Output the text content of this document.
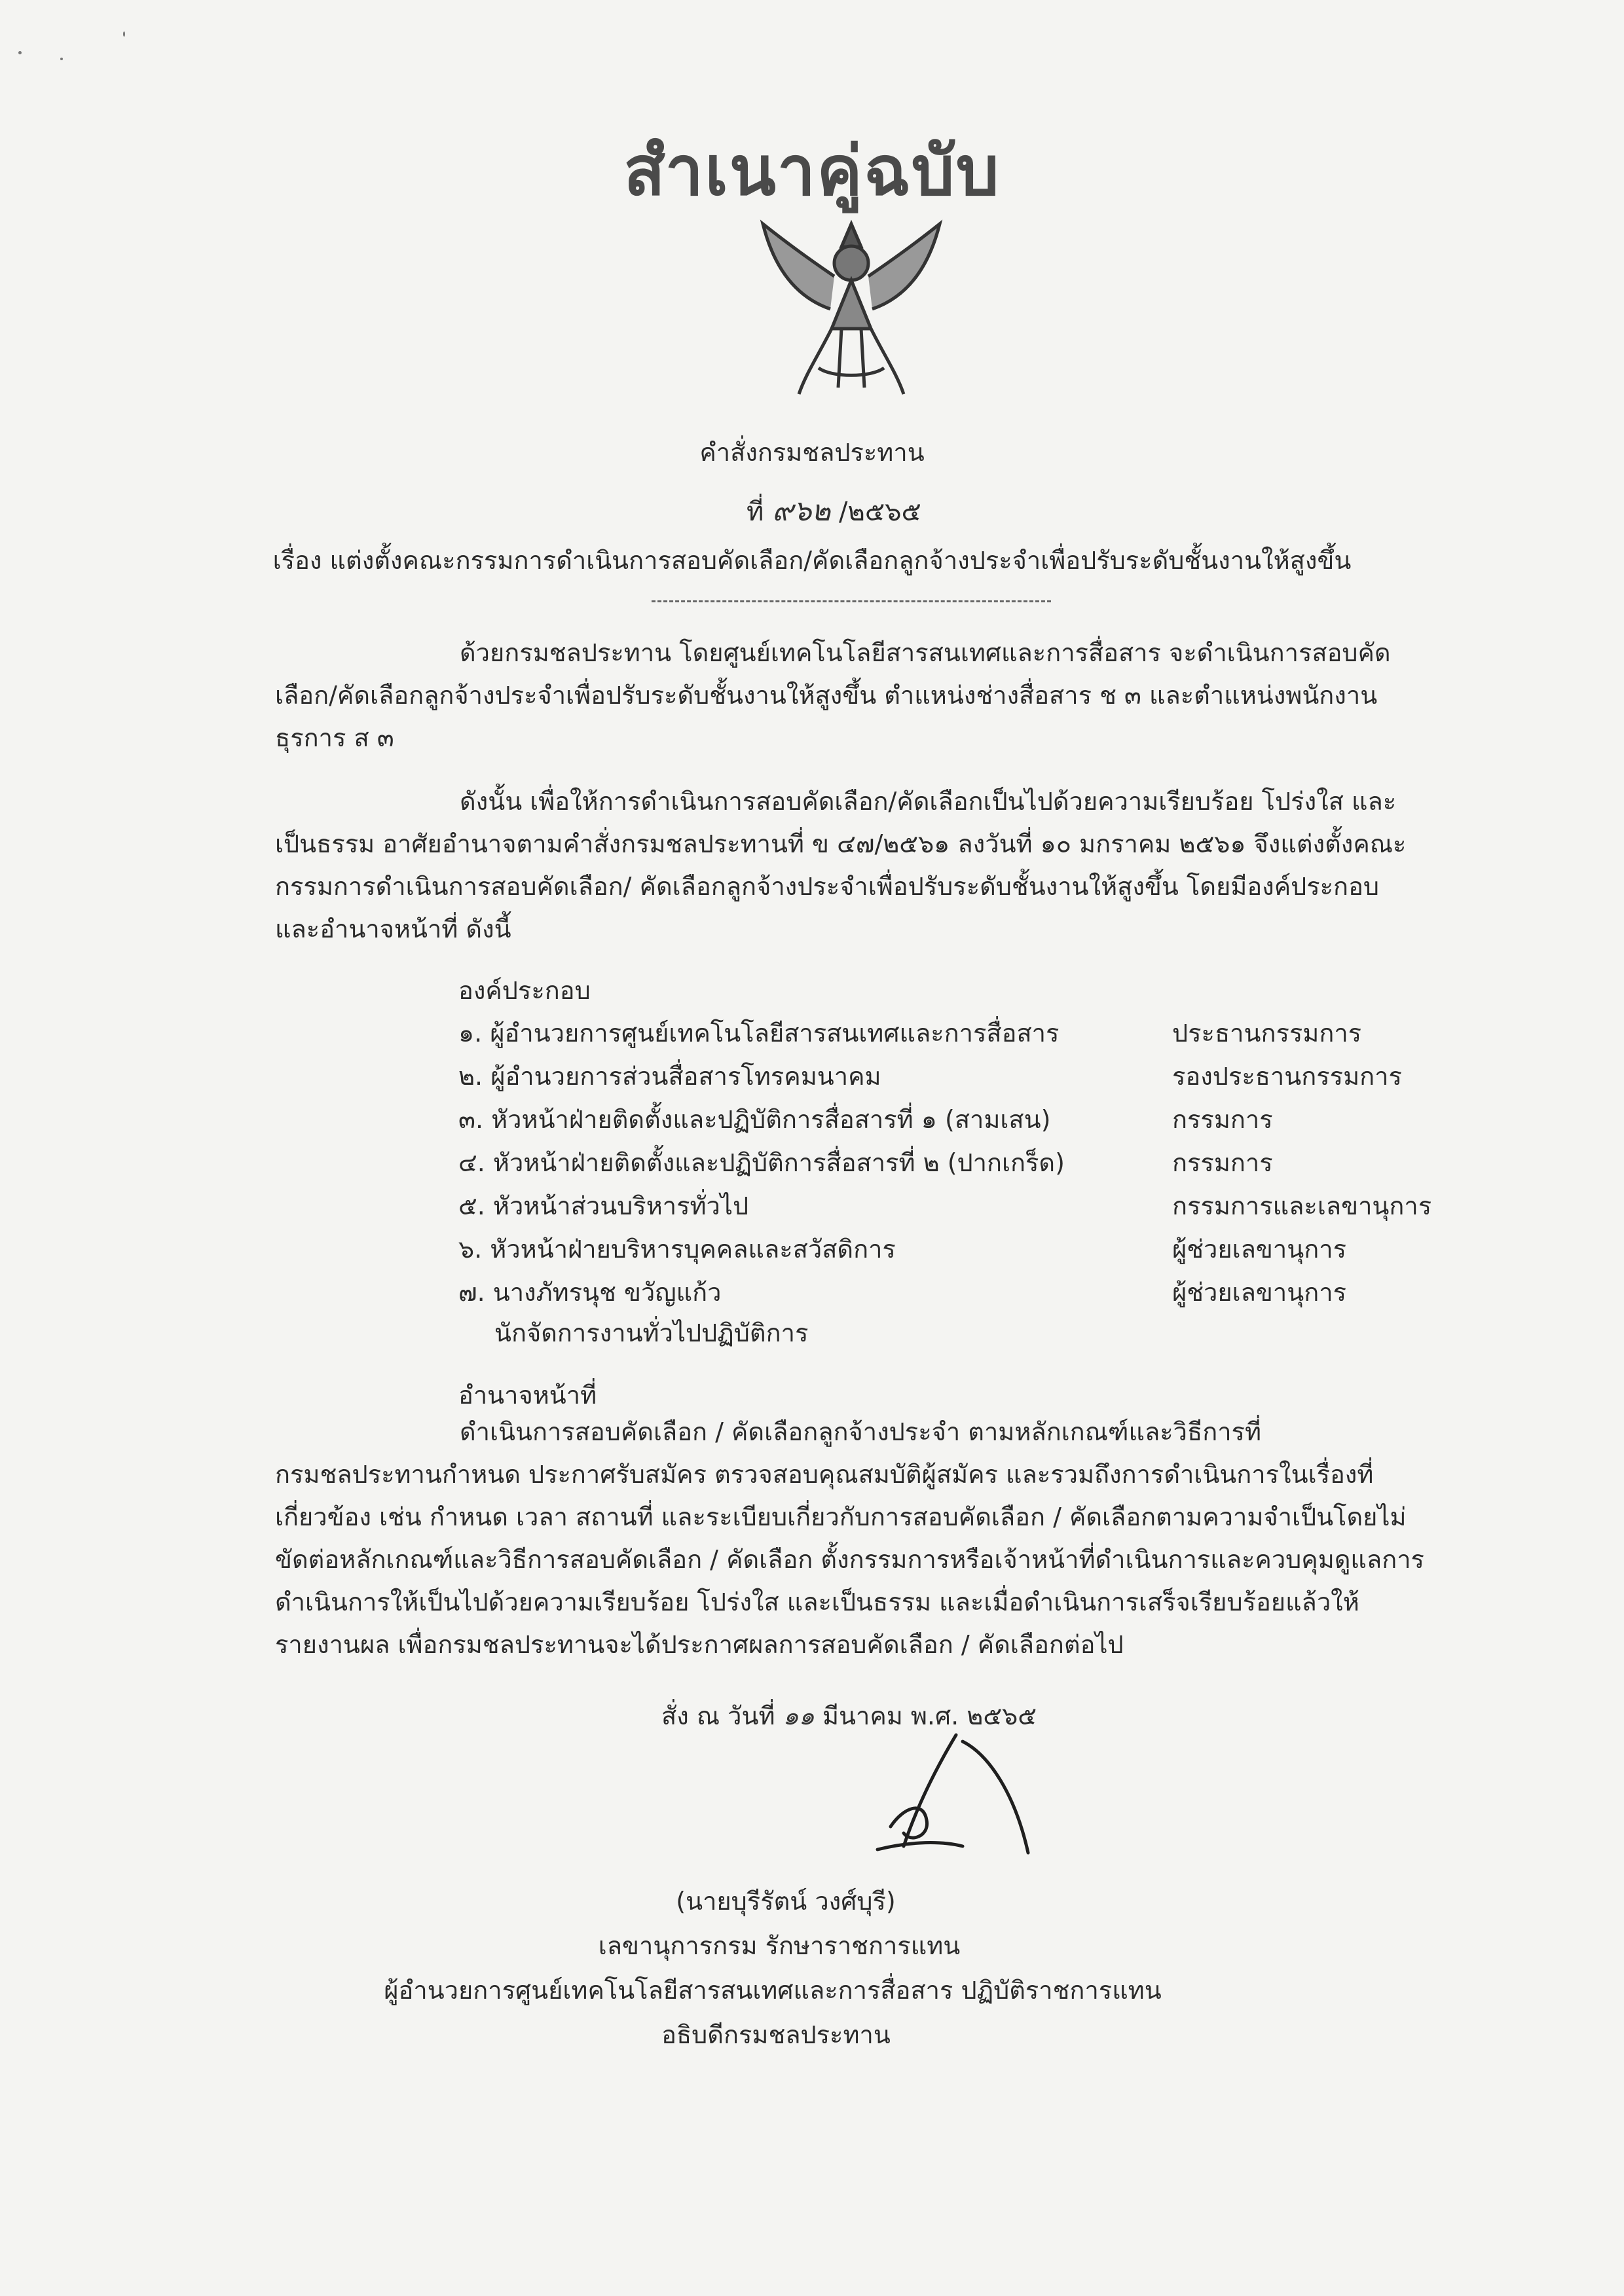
สำเนาคู่ฉบับ
คำสั่งกรมชลประทาน
ที่ ๙๖๒ /๒๕๖๕
เรื่อง แต่งตั้งคณะกรรมการดำเนินการสอบคัดเลือก/คัดเลือกลูกจ้างประจำเพื่อปรับระดับชั้นงานให้สูงขึ้น
ด้วยกรมชลประทาน โดยศูนย์เทคโนโลยีสารสนเทศและการสื่อสาร จะดำเนินการสอบคัดเลือก/คัดเลือกลูกจ้างประจำเพื่อปรับระดับชั้นงานให้สูงขึ้น ตำแหน่งช่างสื่อสาร ช ๓ และตำแหน่งพนักงานธุรการ ส ๓
ดังนั้น เพื่อให้การดำเนินการสอบคัดเลือก/คัดเลือกเป็นไปด้วยความเรียบร้อย โปร่งใส และเป็นธรรม อาศัยอำนาจตามคำสั่งกรมชลประทานที่ ข ๔๗/๒๕๖๑ ลงวันที่ ๑๐ มกราคม ๒๕๖๑ จึงแต่งตั้งคณะกรรมการดำเนินการสอบคัดเลือก/ คัดเลือกลูกจ้างประจำเพื่อปรับระดับชั้นงานให้สูงขึ้น โดยมีองค์ประกอบ และอำนาจหน้าที่ ดังนี้
องค์ประกอบ
๑. ผู้อำนวยการศูนย์เทคโนโลยีสารสนเทศและการสื่อสาร	ประธานกรรมการ
๒. ผู้อำนวยการส่วนสื่อสารโทรคมนาคม	รองประธานกรรมการ
๓. หัวหน้าฝ่ายติดตั้งและปฏิบัติการสื่อสารที่ ๑ (สามเสน)	กรรมการ
๔. หัวหน้าฝ่ายติดตั้งและปฏิบัติการสื่อสารที่ ๒ (ปากเกร็ด)	กรรมการ
๕. หัวหน้าส่วนบริหารทั่วไป	กรรมการและเลขานุการ
๖. หัวหน้าฝ่ายบริหารบุคคลและสวัสดิการ	ผู้ช่วยเลขานุการ
๗. นางภัทรนุช ขวัญแก้ว	ผู้ช่วยเลขานุการ
นักจัดการงานทั่วไปปฏิบัติการ
อำนาจหน้าที่
ดำเนินการสอบคัดเลือก / คัดเลือกลูกจ้างประจำ ตามหลักเกณฑ์และวิธีการที่กรมชลประทานกำหนด ประกาศรับสมัคร ตรวจสอบคุณสมบัติผู้สมัคร และรวมถึงการดำเนินการในเรื่องที่เกี่ยวข้อง เช่น กำหนด เวลา สถานที่ และระเบียบเกี่ยวกับการสอบคัดเลือก / คัดเลือกตามความจำเป็นโดยไม่ขัดต่อหลักเกณฑ์และวิธีการสอบคัดเลือก / คัดเลือก ตั้งกรรมการหรือเจ้าหน้าที่ดำเนินการและควบคุมดูแลการดำเนินการให้เป็นไปด้วยความเรียบร้อย โปร่งใส และเป็นธรรม และเมื่อดำเนินการเสร็จเรียบร้อยแล้วให้รายงานผล เพื่อกรมชลประทานจะได้ประกาศผลการสอบคัดเลือก / คัดเลือกต่อไป
สั่ง ณ วันที่ ๑๑ มีนาคม พ.ศ. ๒๕๖๕
(นายบุรีรัตน์ วงศ์บุรี)
เลขานุการกรม รักษาราชการแทน
ผู้อำนวยการศูนย์เทคโนโลยีสารสนเทศและการสื่อสาร ปฏิบัติราชการแทน
อธิบดีกรมชลประทาน
